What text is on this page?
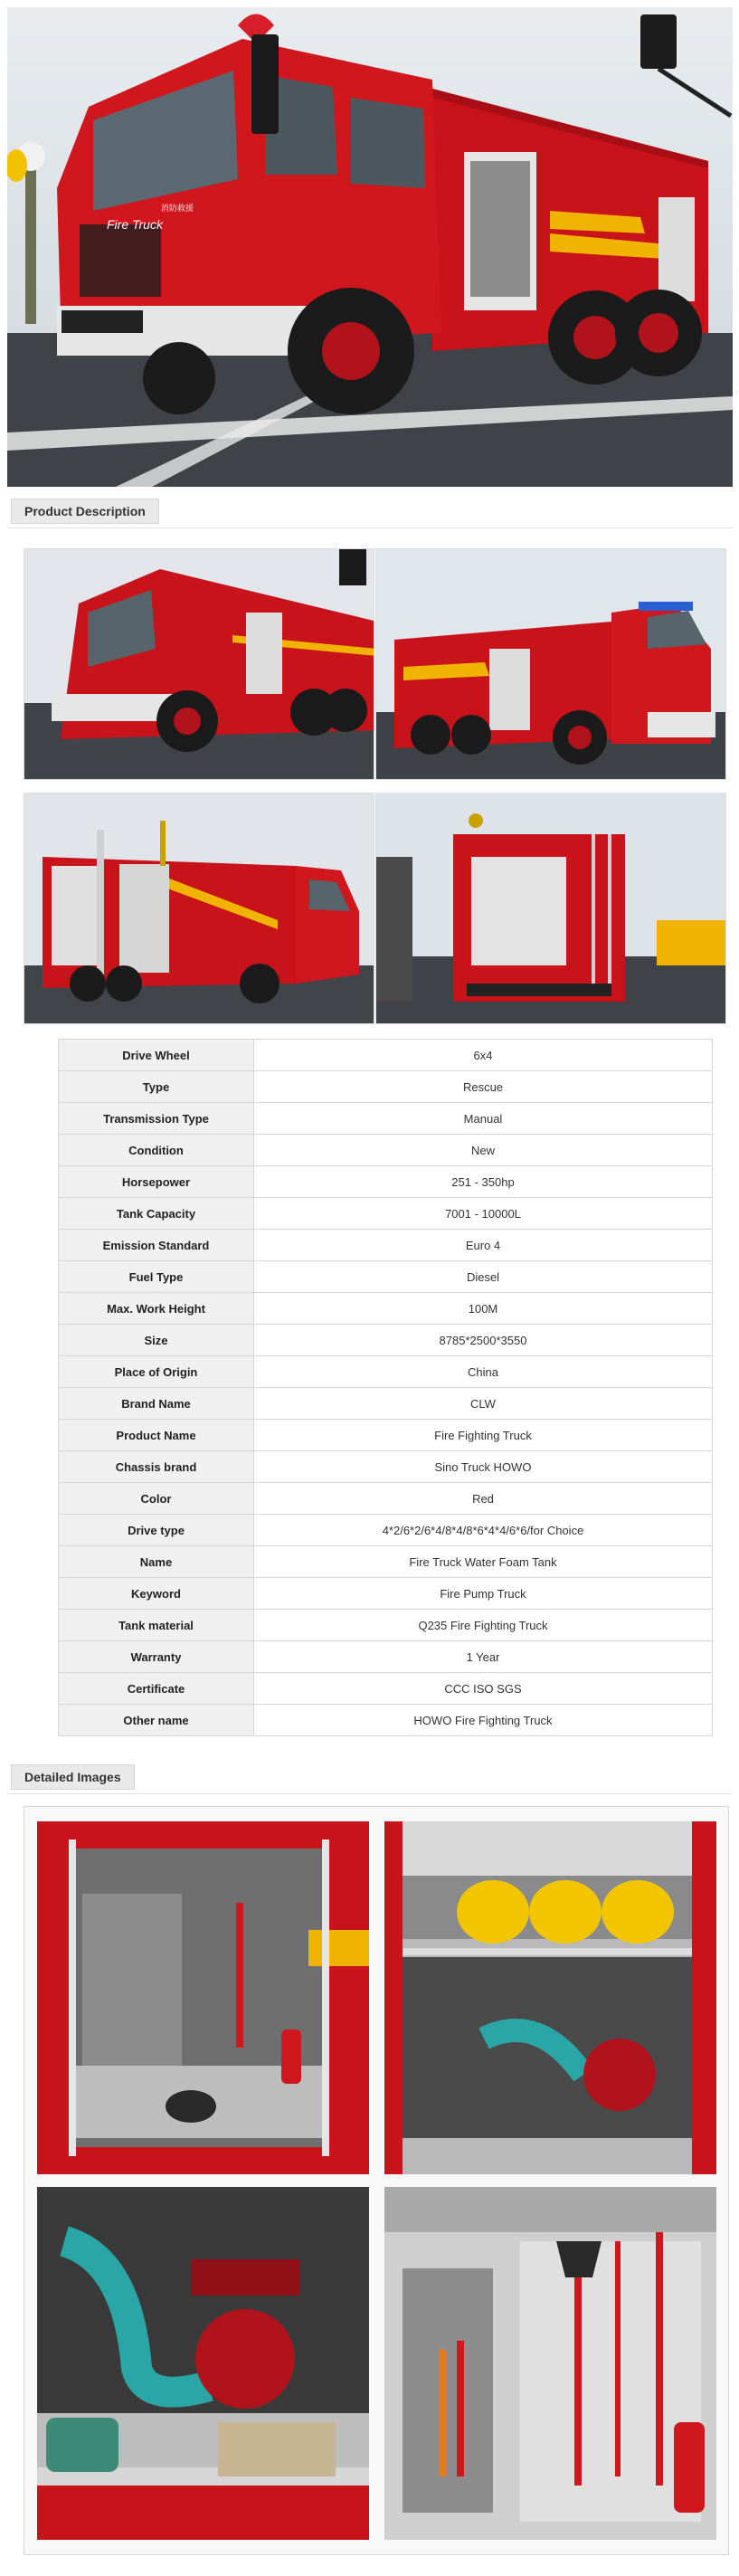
Fire Truck
消防救援
Product Description
Drive Wheel	6x4
Type	Rescue
Transmission Type	Manual
Condition	New
Horsepower	251 - 350hp
Tank Capacity	7001 - 10000L
Emission Standard	Euro 4
Fuel Type	Diesel
Max. Work Height	100M
Size	8785*2500*3550
Place of Origin	China
Brand Name	CLW
Product Name	Fire Fighting Truck
Chassis brand	Sino Truck HOWO
Color	Red
Drive type	4*2/6*2/6*4/8*4/8*6*4*4/6*6/for Choice
Name	Fire Truck Water Foam Tank
Keyword	Fire Pump Truck
Tank material	Q235 Fire Fighting Truck
Warranty	1 Year
Certificate	CCC ISO SGS
Other name	HOWO Fire Fighting Truck
Detailed Images
